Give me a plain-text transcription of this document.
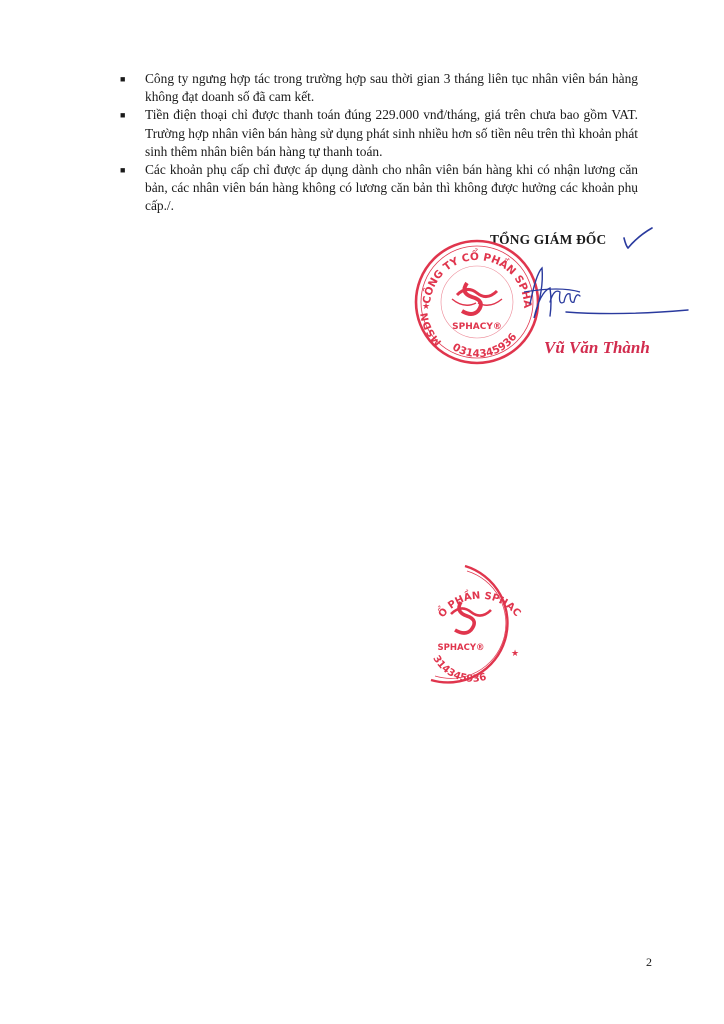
■ Công ty ngưng hợp tác trong trường hợp sau thời gian 3 tháng liên tục nhân viên bán hàng không đạt doanh số đã cam kết.
■ Tiền điện thoại chỉ được thanh toán đúng 229.000 vnđ/tháng, giá trên chưa bao gồm VAT. Trường hợp nhân viên bán hàng sử dụng phát sinh nhiều hơn số tiền nêu trên thì khoản phát sinh thêm nhân biên bán hàng tự thanh toán.
■ Các khoản phụ cấp chỉ được áp dụng dành cho nhân viên bán hàng khi có nhận lương căn bản, các nhân viên bán hàng không có lương căn bản thì không được hưởng các khoản phụ cấp./.
TỔNG GIÁM ĐỐC
CÔNG TY CỔ PHẦN SPHACY
0314345936
MSDN
★
SPHACY®
Vũ Văn Thành
Ổ PHẦN SPHACY
314345936
★
SPHACY®
2
